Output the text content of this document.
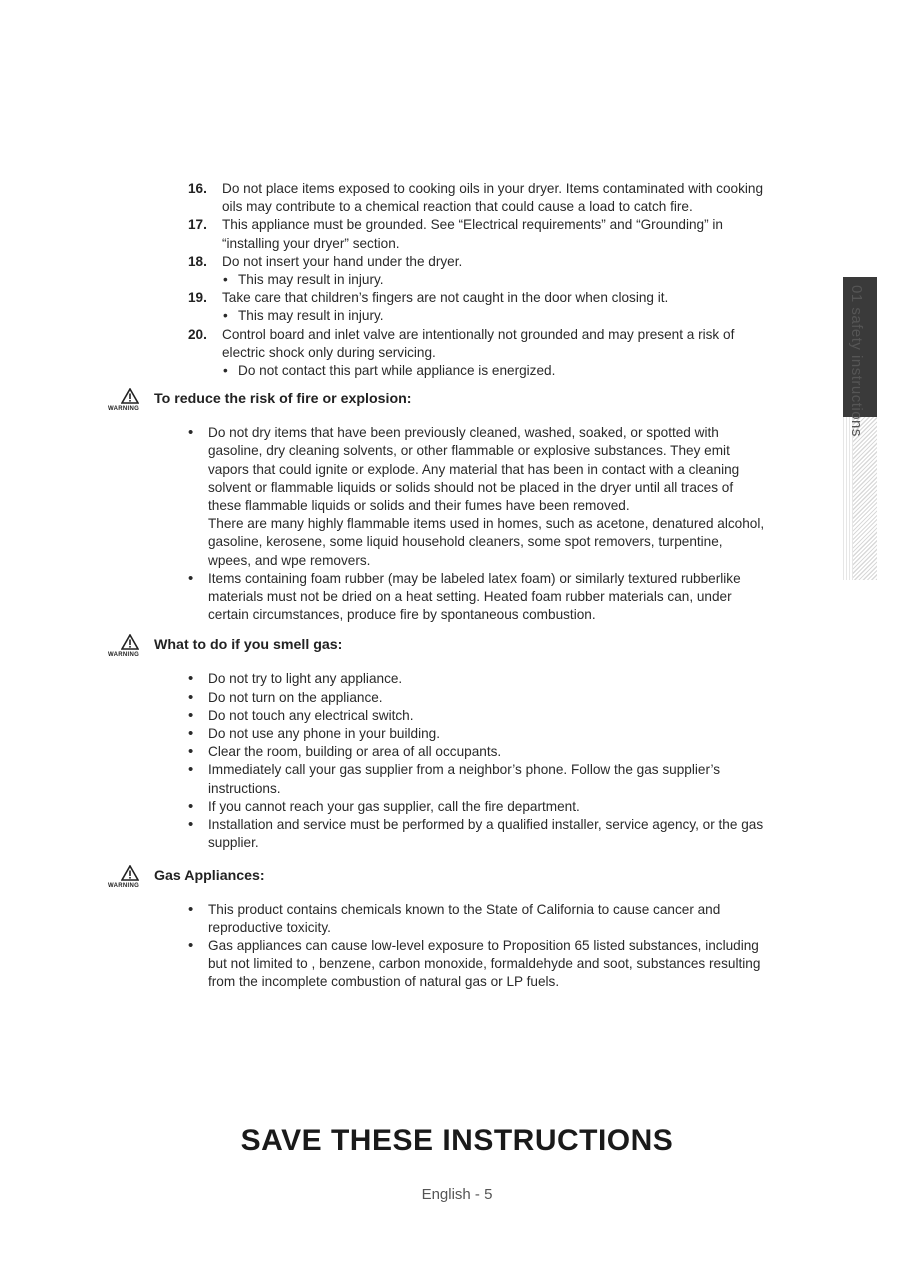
16. Do not place items exposed to cooking oils in your dryer. Items contaminated with cooking
oils may contribute to a chemical reaction that could cause a load to catch fire.
17. This appliance must be grounded. See “Electrical requirements” and “Grounding” in
“installing your dryer” section.
18. Do not insert your hand under the dryer.
• This may result in injury.
19. Take care that children’s fingers are not caught in the door when closing it.
• This may result in injury.
20. Control board and inlet valve are intentionally not grounded and may present a risk of
electric shock only during servicing.
• Do not contact this part while appliance is energized.
WARNING
To reduce the risk of fire or explosion:
• Do not dry items that have been previously cleaned, washed, soaked, or spotted with
gasoline, dry cleaning solvents, or other flammable or explosive substances. They emit
vapors that could ignite or explode. Any material that has been in contact with a cleaning
solvent or flammable liquids or solids should not be placed in the dryer until all traces of
these flammable liquids or solids and their fumes have been removed.
There are many highly flammable items used in homes, such as acetone, denatured alcohol,
gasoline, kerosene, some liquid household cleaners, some spot removers, turpentine,
wpees, and wpe removers.
• Items containing foam rubber (may be labeled latex foam) or similarly textured rubberlike
materials must not be dried on a heat setting. Heated foam rubber materials can, under
certain circumstances, produce fire by spontaneous combustion.
WARNING
What to do if you smell gas:
• Do not try to light any appliance.
• Do not turn on the appliance.
• Do not touch any electrical switch.
• Do not use any phone in your building.
• Clear the room, building or area of all occupants.
• Immediately call your gas supplier from a neighbor’s phone. Follow the gas supplier’s
instructions.
• If you cannot reach your gas supplier, call the fire department.
• Installation and service must be performed by a qualified installer, service agency, or the gas
supplier.
WARNING
Gas Appliances:
• This product contains chemicals known to the State of California to cause cancer and
reproductive toxicity.
• Gas appliances can cause low-level exposure to Proposition 65 listed substances, including
but not limited to , benzene, carbon monoxide, formaldehyde and soot, substances resulting
from the incomplete combustion of natural gas or LP fuels.
01 safety instructions
SAVE THESE INSTRUCTIONS
English - 5
